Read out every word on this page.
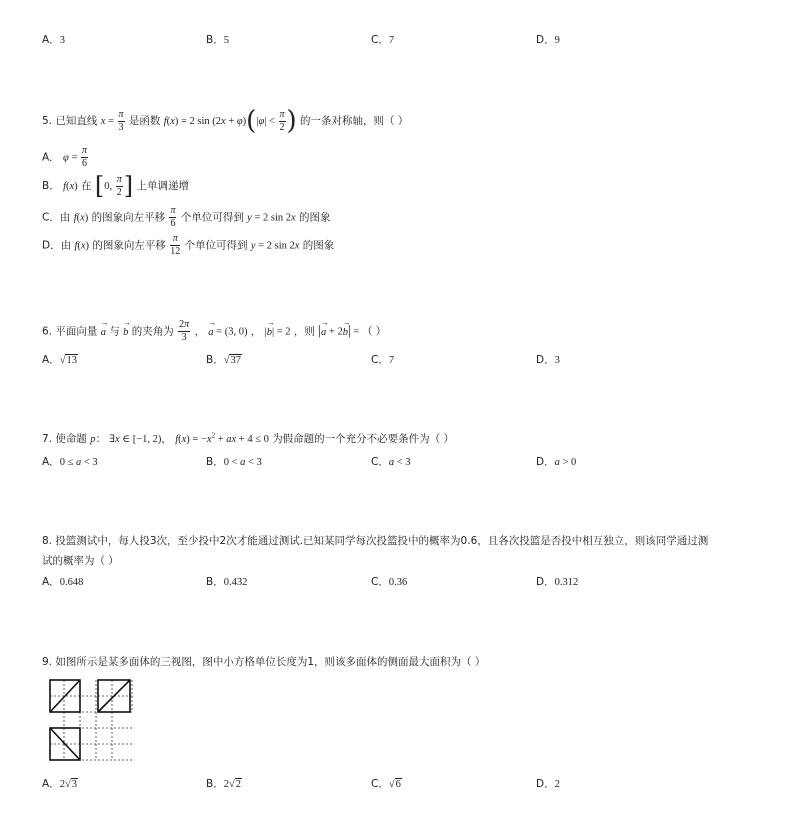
A．3	B．5	C．7	D．9
5. 已知直线 $x = \frac{\pi}{3}$ 是函数 f(x) = 2 $\sin (2x + \varphi)(|\varphi| < \frac{\pi}{2}$ ) 的一条对称轴，则（ ）
A． $\varphi = \frac{\pi}{6}$
B． f(x) 在 [0, $\frac{\pi}{2}$ ] 上单调递增
C．由 f(x) 的图象向左平移 $\frac{\pi}{6}$ 个单位可得到 y = 2 sin 2x 的图象
D．由 f(x) 的图象向左平移 $\frac{\pi}{12}$ 个单位可得到 y = 2 sin 2x 的图象
6. 平面向量 → a 与 → b 的夹角为 $\frac{2\pi}{3}$ ， → a = (3, 0) ， |→ b| = 2 ，则 |→ a + 2→ b| = （ ）
A．√13	B．√37	C．7	D．3
7. 使命题 p： ∃x ∈ [−1, 2)， $f(x) = -x^2$ + ax + 4 ≤ 0 为假命题的一个充分不必要条件为（ ）
A．0 ≤ a < 3	B．0 < a < 3	C．a < 3	D．a > 0
8. 投篮测试中，每人投3次，至少投中2次才能通过测试.已知某同学每次投篮投中的概率为0.6，且各次投篮是否投中相互独立，则该同学通过测
试的概率为（ ）
A．0.648	B．0.432	C．0.36	D．0.312
9. 如图所示是某多面体的三视图，图中小方格单位长度为1，则该多面体的侧面最大面积为（ ）
A．2√3	B．2√2	C．√6	D．2
